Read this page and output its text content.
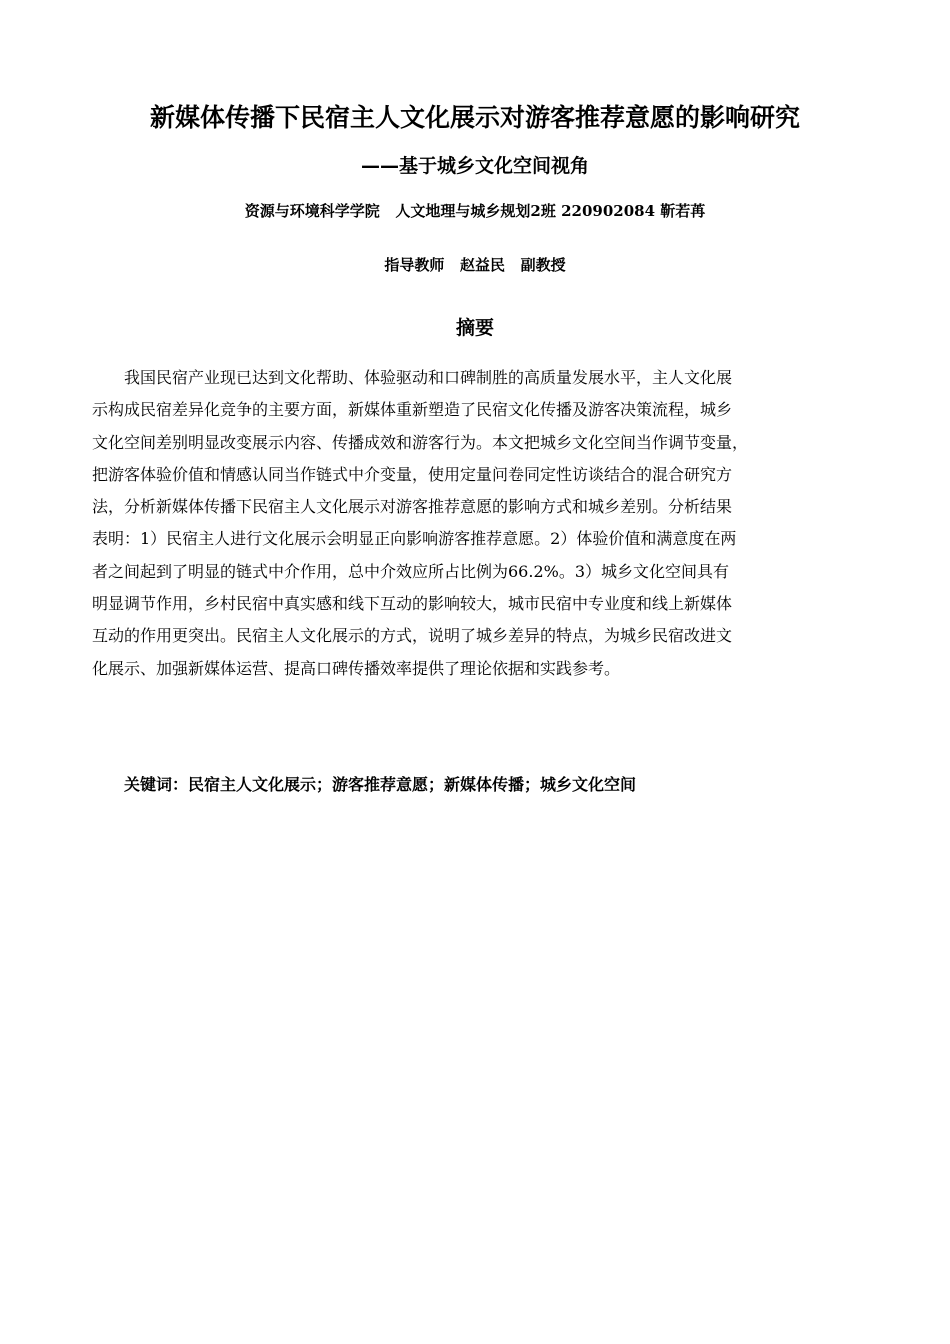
新媒体传播下民宿主人文化展示对游客推荐意愿的影响研究
——基于城乡文化空间视角
资源与环境科学学院   人文地理与城乡规划2班 220902084 靳若苒
指导教师   赵益民   副教授
摘要
我国民宿产业现已达到文化帮助、体验驱动和口碑制胜的高质量发展水平，主人文化展
示构成民宿差异化竞争的主要方面，新媒体重新塑造了民宿文化传播及游客决策流程，城乡
文化空间差别明显改变展示内容、传播成效和游客行为。本文把城乡文化空间当作调节变量，
把游客体验价值和情感认同当作链式中介变量，使用定量问卷同定性访谈结合的混合研究方
法，分析新媒体传播下民宿主人文化展示对游客推荐意愿的影响方式和城乡差别。分析结果
表明：1）民宿主人进行文化展示会明显正向影响游客推荐意愿。2）体验价值和满意度在两
者之间起到了明显的链式中介作用，总中介效应所占比例为66.2%。3）城乡文化空间具有
明显调节作用，乡村民宿中真实感和线下互动的影响较大，城市民宿中专业度和线上新媒体
互动的作用更突出。民宿主人文化展示的方式，说明了城乡差异的特点，为城乡民宿改进文
化展示、加强新媒体运营、提高口碑传播效率提供了理论依据和实践参考。
关键词：民宿主人文化展示；游客推荐意愿；新媒体传播；城乡文化空间
